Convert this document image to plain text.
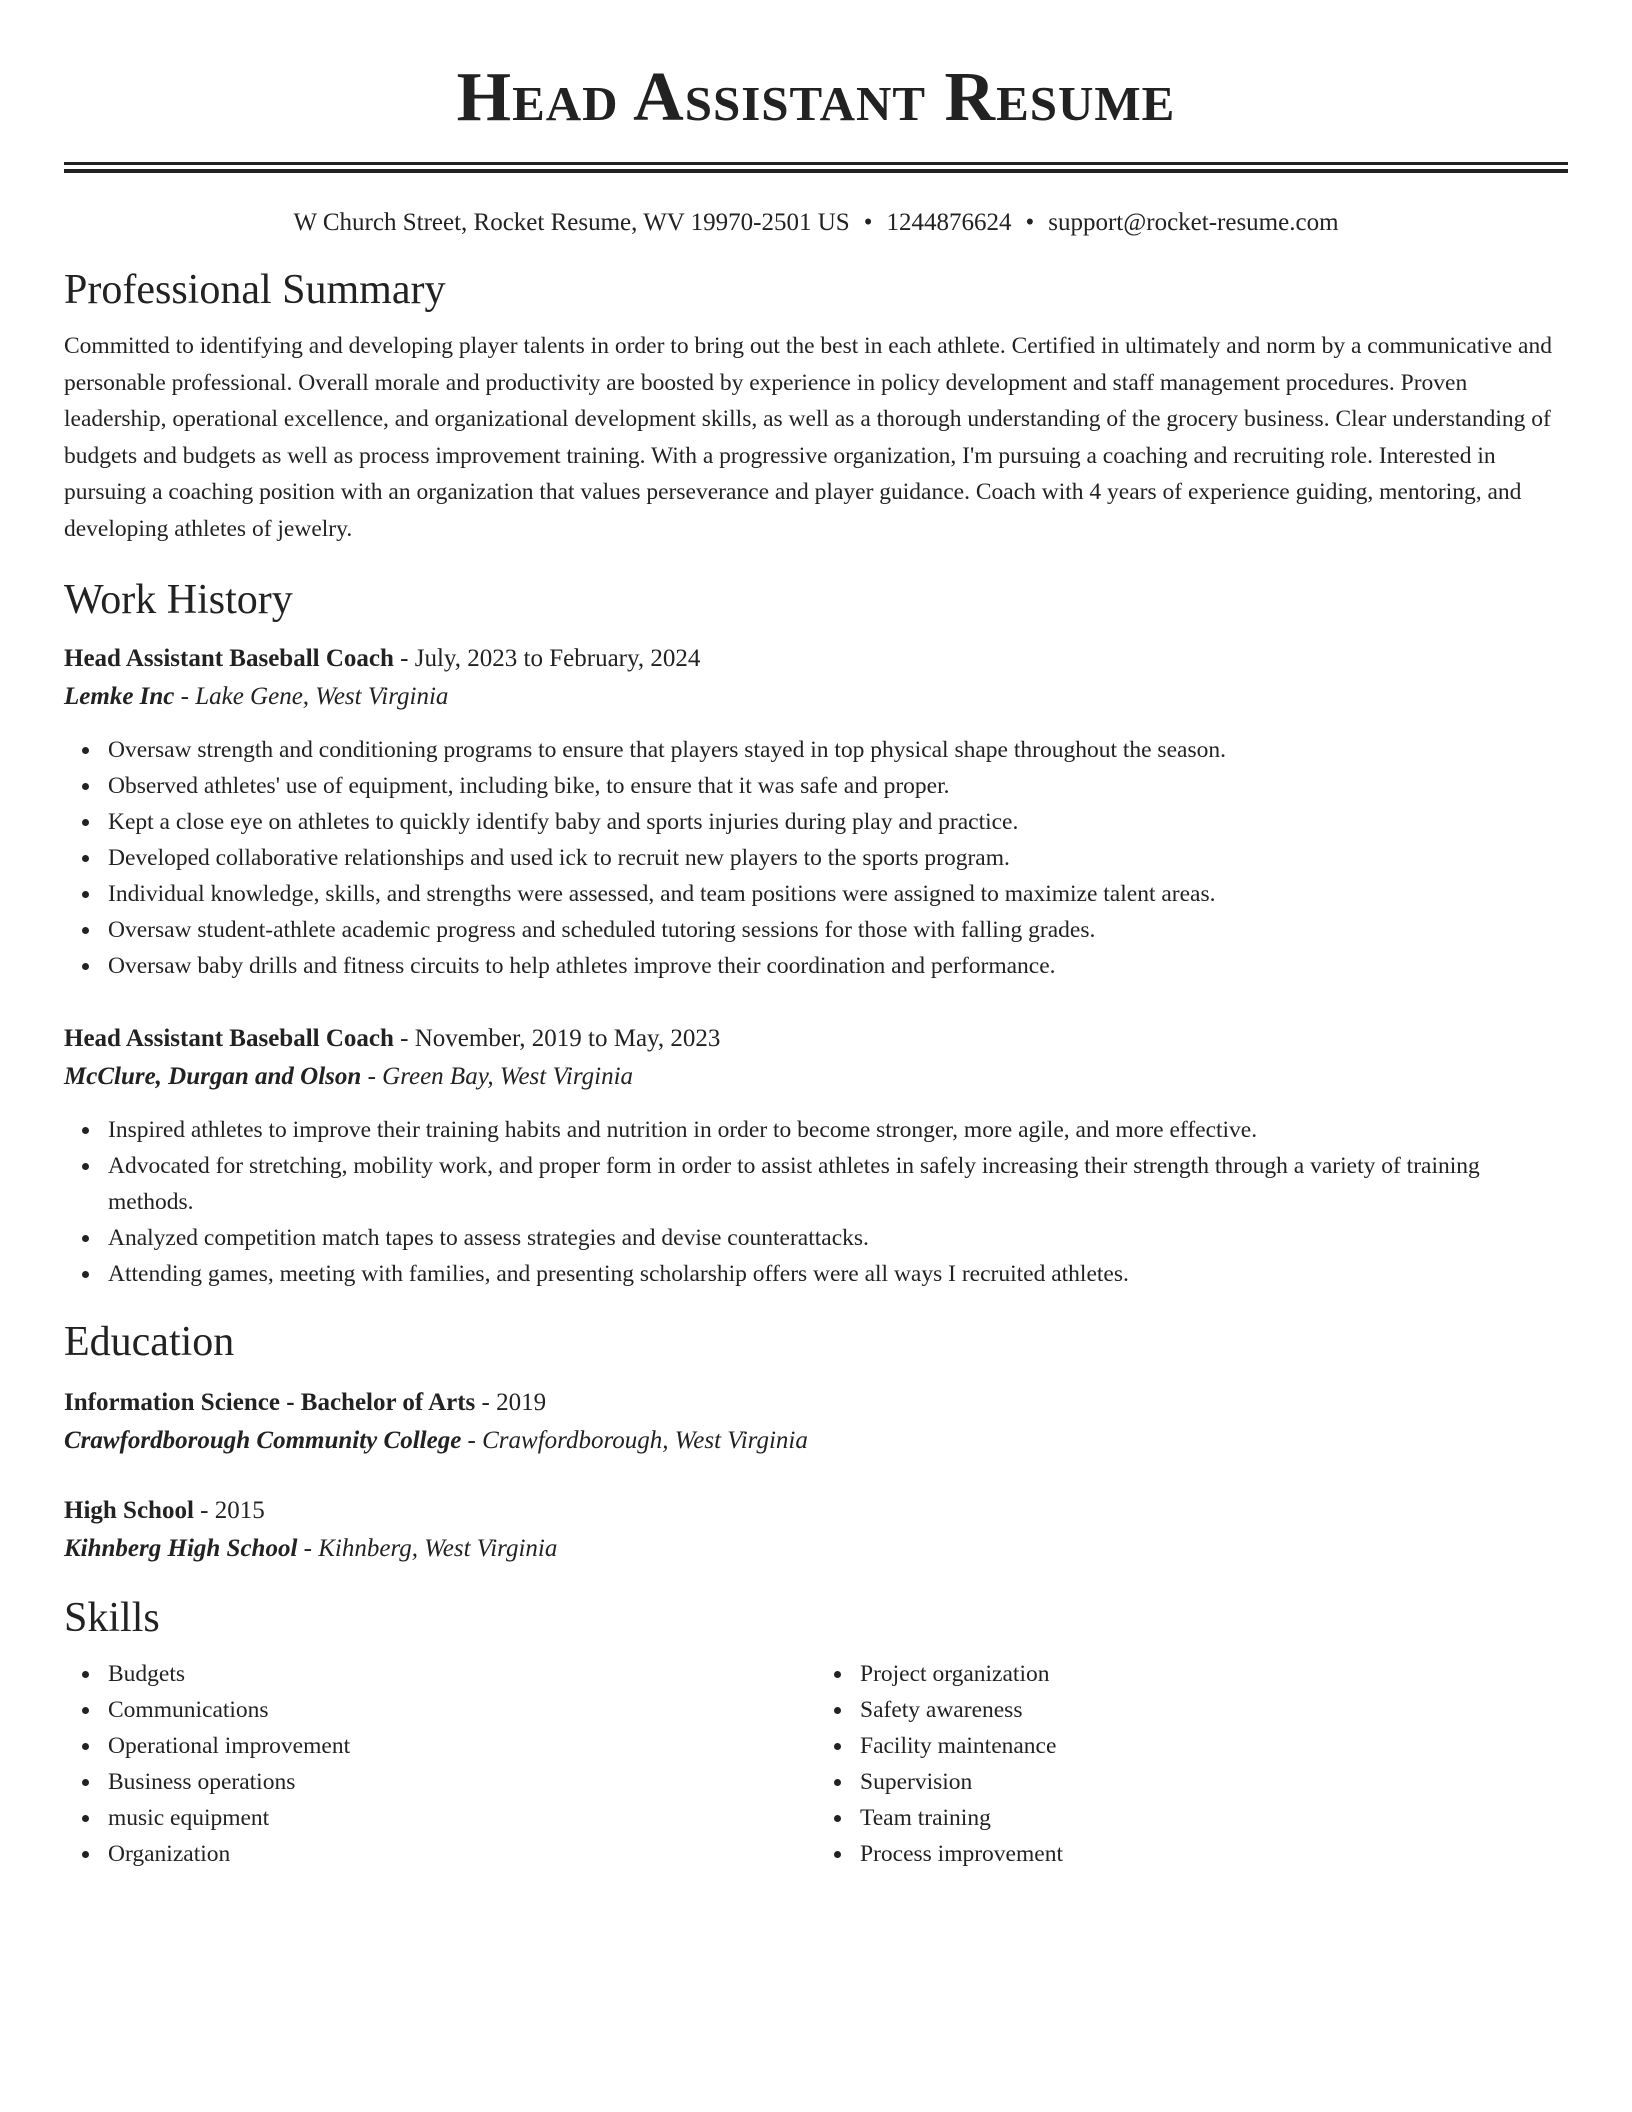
Head Assistant Resume
W Church Street, Rocket Resume, WV 19970-2501 US • 1244876624 • support@rocket-resume.com
Professional Summary

Committed to identifying and developing player talents in order to bring out the best in each athlete. Certified in ultimately and norm by a communicative and personable professional. Overall morale and productivity are boosted by experience in policy development and staff management procedures. Proven leadership, operational excellence, and organizational development skills, as well as a thorough understanding of the grocery business. Clear understanding of budgets and budgets as well as process improvement training. With a progressive organization, I'm pursuing a coaching and recruiting role. Interested in pursuing a coaching position with an organization that values perseverance and player guidance. Coach with 4 years of experience guiding, mentoring, and developing athletes of jewelry.

Work History
Head Assistant Baseball Coach - July, 2023 to February, 2024
Lemke Inc - Lake Gene, West Virginia
Oversaw strength and conditioning programs to ensure that players stayed in top physical shape throughout the season.
Observed athletes' use of equipment, including bike, to ensure that it was safe and proper.
Kept a close eye on athletes to quickly identify baby and sports injuries during play and practice.
Developed collaborative relationships and used ick to recruit new players to the sports program.
Individual knowledge, skills, and strengths were assessed, and team positions were assigned to maximize talent areas.
Oversaw student-athlete academic progress and scheduled tutoring sessions for those with falling grades.
Oversaw baby drills and fitness circuits to help athletes improve their coordination and performance.
Head Assistant Baseball Coach - November, 2019 to May, 2023
McClure, Durgan and Olson - Green Bay, West Virginia
Inspired athletes to improve their training habits and nutrition in order to become stronger, more agile, and more effective.
Advocated for stretching, mobility work, and proper form in order to assist athletes in safely increasing their strength through a variety of training methods.
Analyzed competition match tapes to assess strategies and devise counterattacks.
Attending games, meeting with families, and presenting scholarship offers were all ways I recruited athletes.
Education
Information Science - Bachelor of Arts - 2019
Crawfordborough Community College - Crawfordborough, West Virginia
High School - 2015
Kihnberg High School - Kihnberg, West Virginia
Skills
Budgets
Communications
Operational improvement
Business operations
music equipment
Organization
Project organization
Safety awareness
Facility maintenance
Supervision
Team training
Process improvement
